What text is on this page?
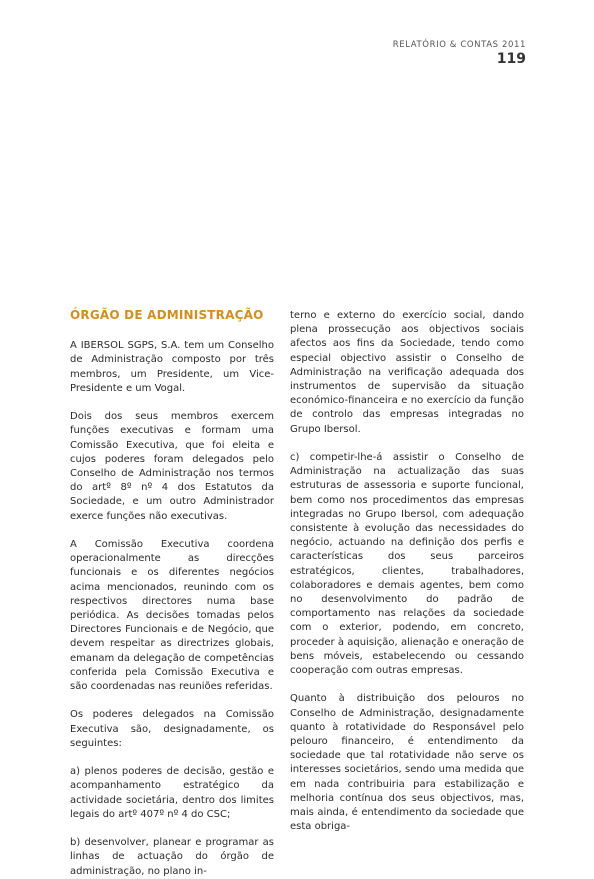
RELATÓRIO & CONTAS 2011
119
ÓRGÃO DE ADMINISTRAÇÃO

A IBERSOL SGPS, S.A. tem um Conselho de Administração composto por três membros, um Presidente, um Vice-Presidente e um Vogal.

Dois dos seus membros exercem funções executivas e formam uma Comissão Executiva, que foi eleita e cujos poderes foram delegados pelo Conselho de Administração nos termos do artº 8º nº 4 dos Estatutos da Sociedade, e um outro Administrador exerce funções não executivas.

A Comissão Executiva coordena operacionalmente as direcções funcionais e os diferentes negócios acima mencionados, reunindo com os respectivos directores numa base periódica. As decisões tomadas pelos Directores Funcionais e de Negócio, que devem respeitar as directrizes globais, emanam da delegação de competências conferida pela Comissão Executiva e são coordenadas nas reuniões referidas.

Os poderes delegados na Comissão Executiva são, designadamente, os seguintes:

a) plenos poderes de decisão, gestão e acompanhamento estratégico da actividade societária, dentro dos limites legais do artº 407º nº 4 do CSC;

b) desenvolver, planear e programar as linhas de actuação do órgão de administração, no plano in-

terno e externo do exercício social, dando plena prossecução aos objectivos sociais afectos aos fins da Sociedade, tendo como especial objectivo assistir o Conselho de Administração na verificação adequada dos instrumentos de supervisão da situação económico-financeira e no exercício da função de controlo das empresas integradas no Grupo Ibersol.

c) competir-lhe-á assistir o Conselho de Administração na actualização das suas estruturas de assessoria e suporte funcional, bem como nos procedimentos das empresas integradas no Grupo Ibersol, com adequação consistente à evolução das necessidades do negócio, actuando na definição dos perfis e características dos seus parceiros estratégicos, clientes, trabalhadores, colaboradores e demais agentes, bem como no desenvolvimento do padrão de comportamento nas relações da sociedade com o exterior, podendo, em concreto, proceder à aquisição, alienação e oneração de bens móveis, estabelecendo ou cessando cooperação com outras empresas.

Quanto à distribuição dos pelouros no Conselho de Administração, designadamente quanto à rotatividade do Responsável pelo pelouro financeiro, é entendimento da sociedade que tal rotatividade não serve os interesses societários, sendo uma medida que em nada contribuiria para estabilização e melhoria contínua dos seus objectivos, mas, mais ainda, é entendimento da sociedade que esta obriga-
